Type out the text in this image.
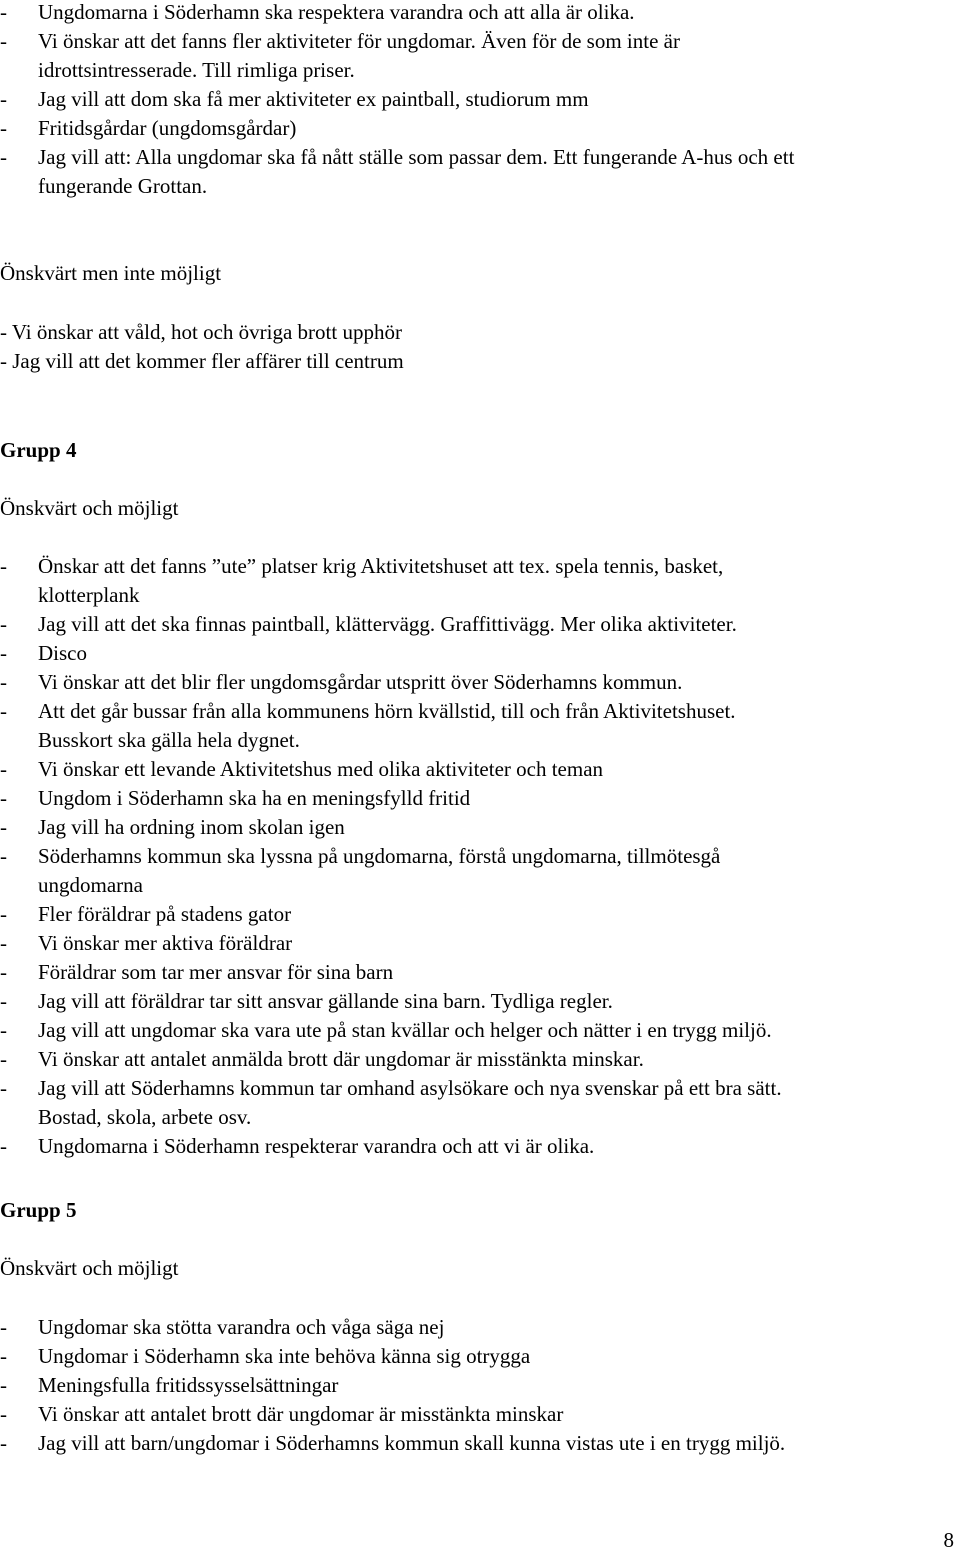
- Ungdomarna i Söderhamn ska respektera varandra och att alla är olika.
- Vi önskar att det fanns fler aktiviteter för ungdomar. Även för de som inte är
idrottsintresserade. Till rimliga priser.
- Jag vill att dom ska få mer aktiviteter ex paintball, studiorum mm
- Fritidsgårdar (ungdomsgårdar)
- Jag vill att: Alla ungdomar ska få nått ställe som passar dem. Ett fungerande A-hus och ett
fungerande Grottan.
Önskvärt men inte möjligt
- Vi önskar att våld, hot och övriga brott upphör
- Jag vill att det kommer fler affärer till centrum
Grupp 4
Önskvärt och möjligt
- Önskar att det fanns ”ute” platser krig Aktivitetshuset att tex. spela tennis, basket,
klotterplank
- Jag vill att det ska finnas paintball, klättervägg. Graffittivägg. Mer olika aktiviteter.
- Disco
- Vi önskar att det blir fler ungdomsgårdar utspritt över Söderhamns kommun.
- Att det går bussar från alla kommunens hörn kvällstid, till och från Aktivitetshuset.
Busskort ska gälla hela dygnet.
- Vi önskar ett levande Aktivitetshus med olika aktiviteter och teman
- Ungdom i Söderhamn ska ha en meningsfylld fritid
- Jag vill ha ordning inom skolan igen
- Söderhamns kommun ska lyssna på ungdomarna, förstå ungdomarna, tillmötesgå
ungdomarna
- Fler föräldrar på stadens gator
- Vi önskar mer aktiva föräldrar
- Föräldrar som tar mer ansvar för sina barn
- Jag vill att föräldrar tar sitt ansvar gällande sina barn. Tydliga regler.
- Jag vill att ungdomar ska vara ute på stan kvällar och helger och nätter i en trygg miljö.
- Vi önskar att antalet anmälda brott där ungdomar är misstänkta minskar.
- Jag vill att Söderhamns kommun tar omhand asylsökare och nya svenskar på ett bra sätt.
Bostad, skola, arbete osv.
- Ungdomarna i Söderhamn respekterar varandra och att vi är olika.
Grupp 5
Önskvärt och möjligt
- Ungdomar ska stötta varandra och våga säga nej
- Ungdomar i Söderhamn ska inte behöva känna sig otrygga
- Meningsfulla fritidssysselsättningar
- Vi önskar att antalet brott där ungdomar är misstänkta minskar
- Jag vill att barn/ungdomar i Söderhamns kommun skall kunna vistas ute i en trygg miljö.
8
